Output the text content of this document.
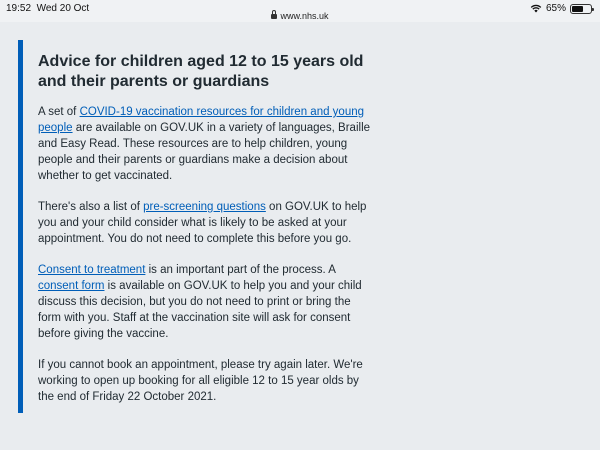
19:52 Wed 20 Oct
www.nhs.uk
65%
Advice for children aged 12 to 15 years old and their parents or guardians

A set of COVID-19 vaccination resources for children and young people are available on GOV.UK in a variety of languages, Braille and Easy Read. These resources are to help children, young people and their parents or guardians make a decision about whether to get vaccinated.

There's also a list of pre-screening questions on GOV.UK to help you and your child consider what is likely to be asked at your appointment. You do not need to complete this before you go.

Consent to treatment is an important part of the process. A consent form is available on GOV.UK to help you and your child discuss this decision, but you do not need to print or bring the form with you. Staff at the vaccination site will ask for consent before giving the vaccine.

If you cannot book an appointment, please try again later. We're working to open up booking for all eligible 12 to 15 year olds by the end of Friday 22 October 2021.
